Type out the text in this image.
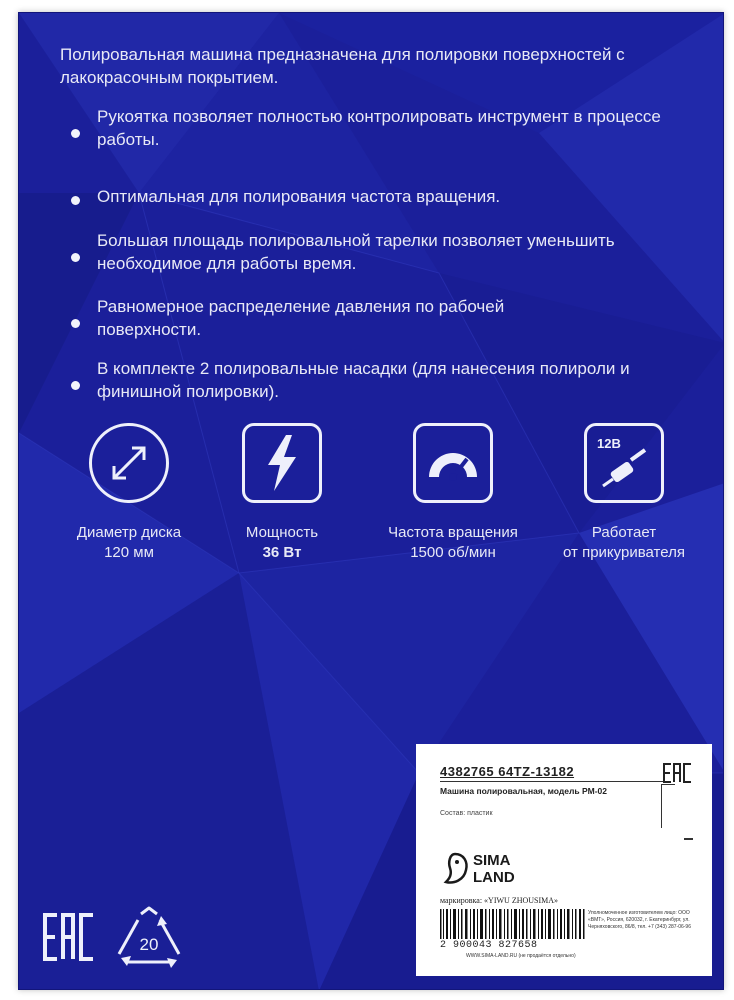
Полировальная машина предназначена для полировки поверхностей с лакокрасочным покрытием.
Рукоятка позволяет полностью контролировать инструмент в процессе работы.
Оптимальная для полирования частота вращения.
Большая площадь полировальной тарелки позволяет уменьшить необходимое для работы время.
Равномерное распределение давления по рабочей поверхности.
В комплекте 2 полировальные насадки (для нанесения полироли и финишной полировки).
Диаметр диска
120 мм
Мощность
36 Вт
Частота вращения
1500 об/мин
12В
Работает
от прикуривателя
4382765 64TZ-13182
Машина полировальная, модель PM-02
Состав: пластик
SIMA
LAND
маркировка: «YIWU ZHOUSIMA»
Уполномоченное изготовителем лицо: ООО «ВМТ», Россия, 620032, г. Екатеринбург, ул. Черняховского, 86/8, тел. +7 (343) 287-06-96
2 900043 827658
WWW.SIMA-LAND.RU (не продаётся отдельно)
20
